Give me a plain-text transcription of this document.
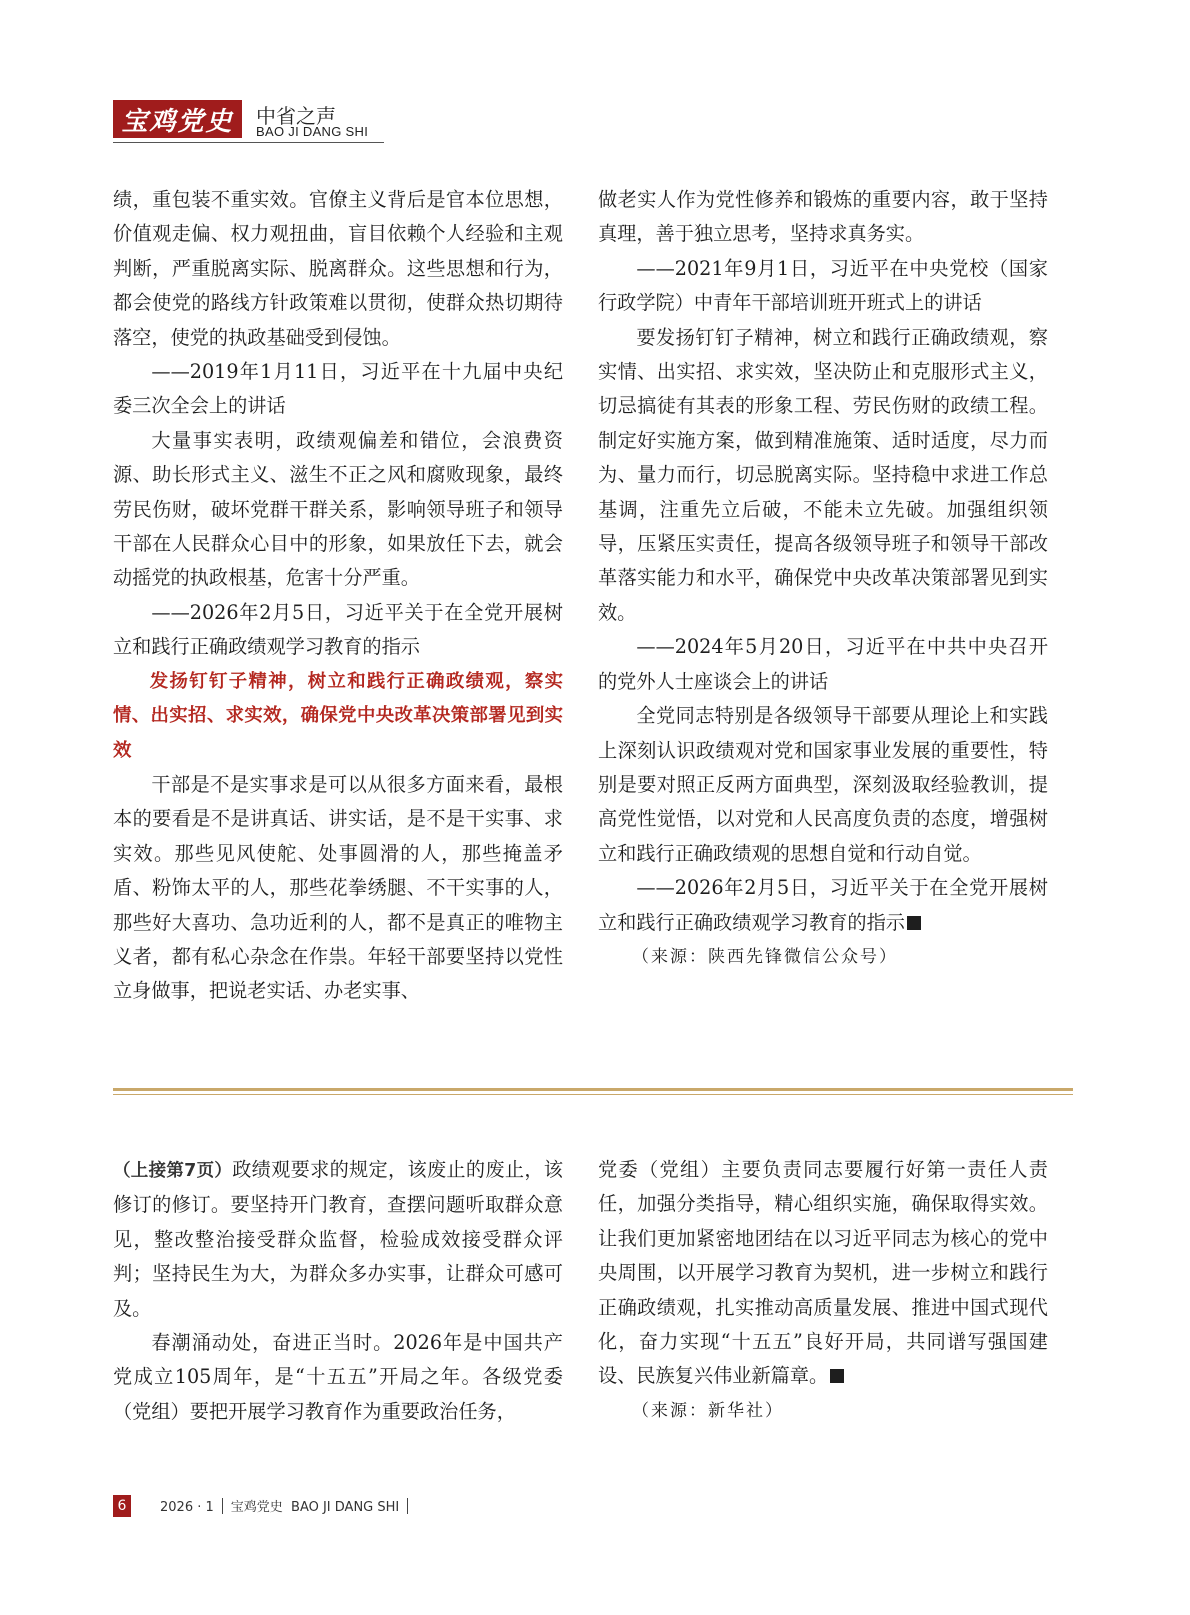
宝鸡党史 中省之声
BAO JI DANG SHI

绩，重包装不重实效。官僚主义背后是官本位思想，价值观走偏、权力观扭曲，盲目依赖个人经验和主观判断，严重脱离实际、脱离群众。这些思想和行为，都会使党的路线方针政策难以贯彻，使群众热切期待落空，使党的执政基础受到侵蚀。

——2019年1月11日，习近平在十九届中央纪委三次全会上的讲话

大量事实表明，政绩观偏差和错位，会浪费资源、助长形式主义、滋生不正之风和腐败现象，最终劳民伤财，破坏党群干群关系，影响领导班子和领导干部在人民群众心目中的形象，如果放任下去，就会动摇党的执政根基，危害十分严重。

——2026年2月5日，习近平关于在全党开展树立和践行正确政绩观学习教育的指示

发扬钉钉子精神，树立和践行正确政绩观，察实情、出实招、求实效，确保党中央改革决策部署见到实效

干部是不是实事求是可以从很多方面来看，最根本的要看是不是讲真话、讲实话，是不是干实事、求实效。那些见风使舵、处事圆滑的人，那些掩盖矛盾、粉饰太平的人，那些花拳绣腿、不干实事的人，那些好大喜功、急功近利的人，都不是真正的唯物主义者，都有私心杂念在作祟。年轻干部要坚持以党性立身做事，把说老实话、办老实事、

做老实人作为党性修养和锻炼的重要内容，敢于坚持真理，善于独立思考，坚持求真务实。

——2021年9月1日，习近平在中央党校（国家行政学院）中青年干部培训班开班式上的讲话

要发扬钉钉子精神，树立和践行正确政绩观，察实情、出实招、求实效，坚决防止和克服形式主义，切忌搞徒有其表的形象工程、劳民伤财的政绩工程。制定好实施方案，做到精准施策、适时适度，尽力而为、量力而行，切忌脱离实际。坚持稳中求进工作总基调，注重先立后破，不能未立先破。加强组织领导，压紧压实责任，提高各级领导班子和领导干部改革落实能力和水平，确保党中央改革决策部署见到实效。

——2024年5月20日，习近平在中共中央召开的党外人士座谈会上的讲话

全党同志特别是各级领导干部要从理论上和实践上深刻认识政绩观对党和国家事业发展的重要性，特别是要对照正反两方面典型，深刻汲取经验教训，提高党性觉悟，以对党和人民高度负责的态度，增强树立和践行正确政绩观的思想自觉和行动自觉。

——2026年2月5日，习近平关于在全党开展树立和践行正确政绩观学习教育的指示

（来源：陕西先锋微信公众号）

（上接第7页）政绩观要求的规定，该废止的废止，该修订的修订。要坚持开门教育，查摆问题听取群众意见，整改整治接受群众监督，检验成效接受群众评判；坚持民生为大，为群众多办实事，让群众可感可及。

春潮涌动处，奋进正当时。2026年是中国共产党成立105周年，是“十五五”开局之年。各级党委（党组）要把开展学习教育作为重要政治任务，

党委（党组）主要负责同志要履行好第一责任人责任，加强分类指导，精心组织实施，确保取得实效。让我们更加紧密地团结在以习近平同志为核心的党中央周围，以开展学习教育为契机，进一步树立和践行正确政绩观，扎实推动高质量发展、推进中国式现代化，奋力实现“十五五”良好开局，共同谱写强国建设、民族复兴伟业新篇章。

（来源：新华社）

6	2026 · 1 宝鸡党史  BAO JI DANG SHI
